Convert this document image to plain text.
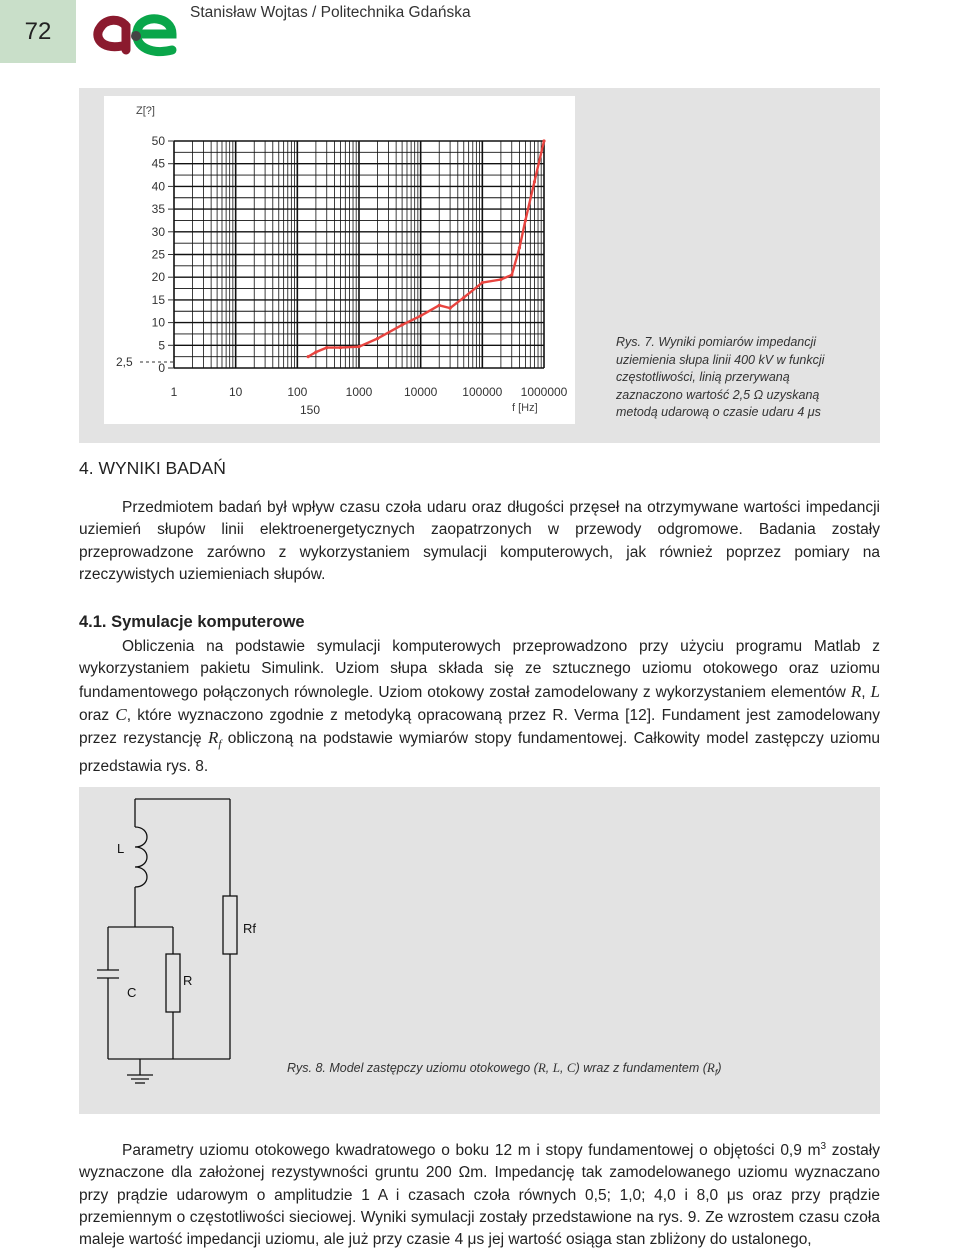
72
Stanisław Wojtas / Politechnika Gdańska
0
5
10
15
20
25
30
35
40
45
50
1	10	100	1000	10000 100000 1000000
Z[?]
f [Hz]
2,5
150
Rys. 7. Wyniki pomiarów impedancji uziemienia słupa linii 400 kV w funkcji częstotliwości, linią przerywaną zaznaczono wartość 2,5 Ω uzyskaną metodą udarową o czasie udaru 4 μs
4. WYNIKI BADAŃ

Przedmiotem badań był wpływ czasu czoła udaru oraz długości przęseł na otrzymywane wartości impedancji uziemień słupów linii elektroenergetycznych zaopatrzonych w przewody odgromowe. Badania zostały przeprowadzone zarówno z wykorzystaniem symulacji komputerowych, jak również poprzez pomiary na rzeczywistych uziemieniach słupów.

4.1. Symulacje komputerowe

Obliczenia na podstawie symulacji komputerowych przeprowadzono przy użyciu programu Matlab z wykorzystaniem pakietu Simulink. Uziom słupa składa się ze sztucznego uziomu otokowego oraz uziomu fundamentowego połączonych równolegle. Uziom otokowy został zamodelowany z wykorzystaniem elementów R, L oraz C, które wyznaczono zgodnie z metodyką opracowaną przez R. Verma [12]. Fundament jest zamodelowany przez rezystancję $R_f$ obliczoną na podstawie wymiarów stopy fundamentowej. Całkowity model zastępczy uziomu przedstawia rys. 8.

L
Rf
C
R
Rys. 8. Model zastępczy uziomu otokowego (R, L, C) wraz z fundamentem $(R_f)$

Parametry uziomu otokowego kwadratowego o boku 12 m i stopy fundamentowej o objętości 0,9 $m^3$ zostały wyznaczone dla założonej rezystywności gruntu 200 Ωm. Impedancję tak zamodelowanego uziomu wyznaczano przy prądzie udarowym o amplitudzie 1 A i czasach czoła równych 0,5; 1,0; 4,0 i 8,0 μs oraz przy prądzie przemiennym o częstotliwości sieciowej. Wyniki symulacji zostały przedstawione na rys. 9. Ze wzrostem czasu czoła maleje wartość impedancji uziomu, ale już przy czasie 4 μs jej wartość osiąga stan zbliżony do ustalonego,
